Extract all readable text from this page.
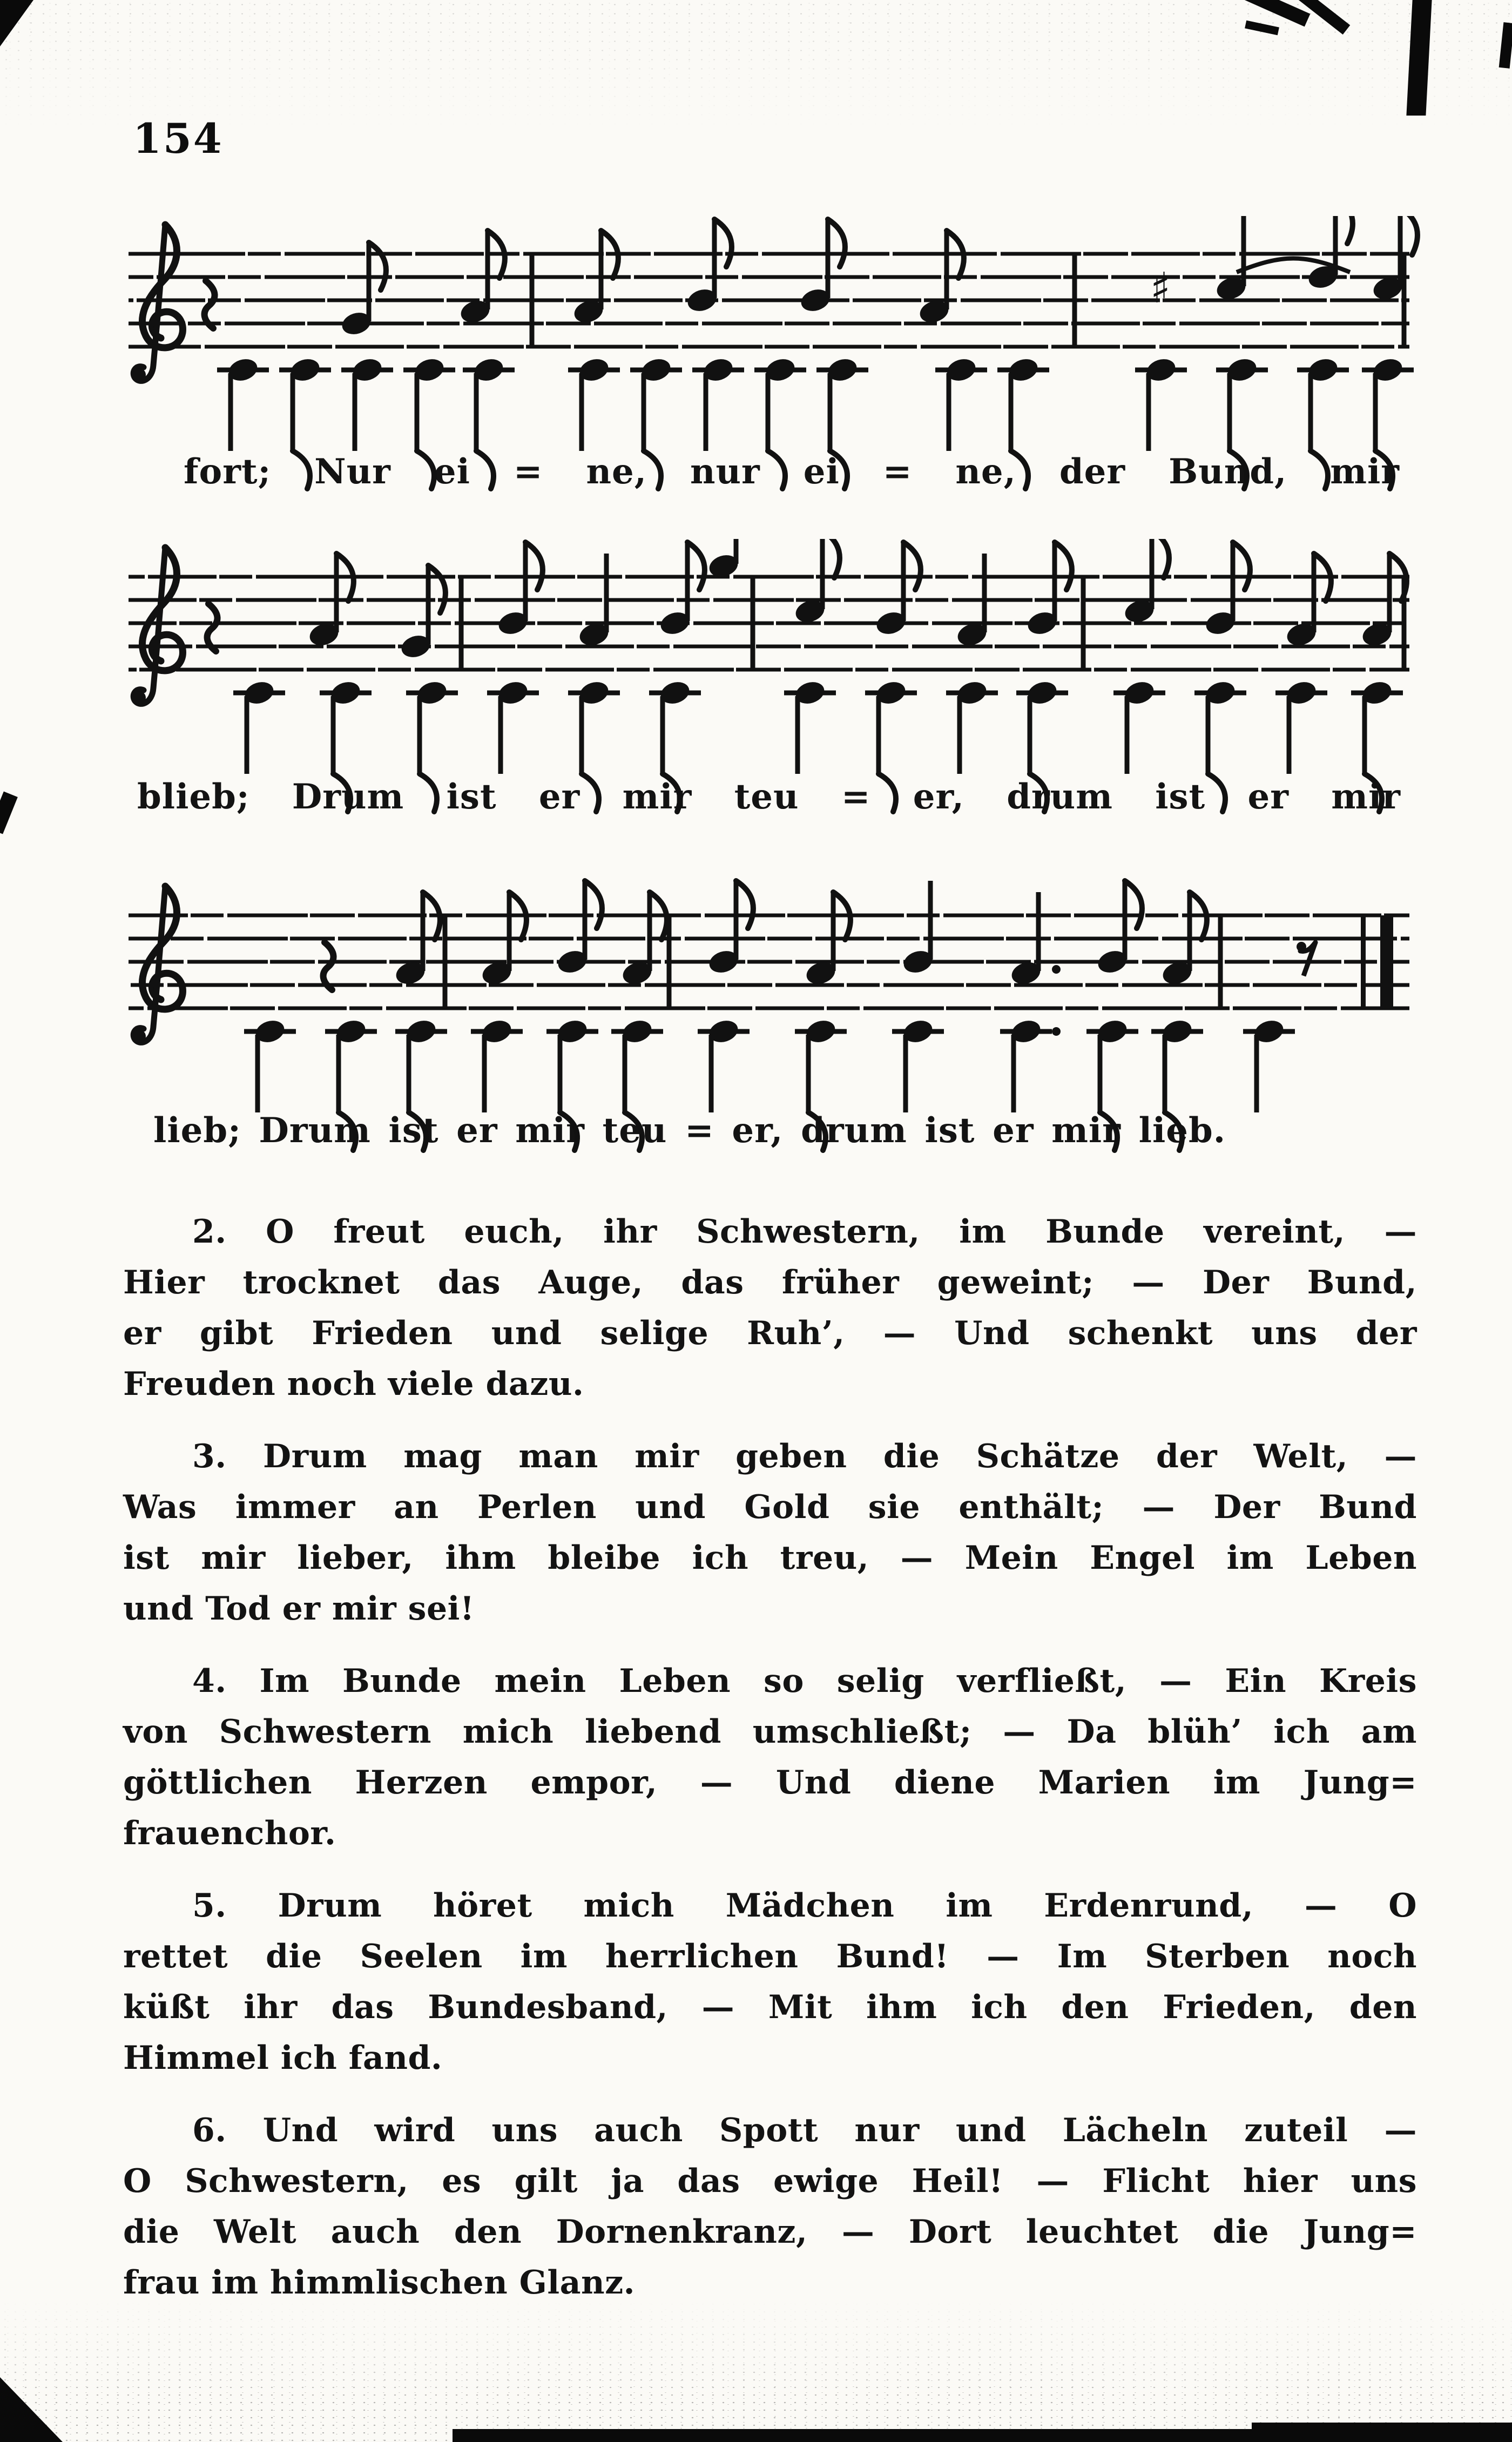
154
fort; Nur ei = ne, nur ei = ne, der Bund, mir
blieb; Drum ist er mir teu = er, drum ist er mir
lieb; Drum ist er mir teu = er, drum ist er mir lieb.
2. O freut euch, ihr Schwestern, im Bunde vereint, —
Hier trocknet das Auge, das früher geweint; — Der Bund,
er gibt Frieden und selige Ruh’, — Und schenkt uns der
Freuden noch viele dazu.
3. Drum mag man mir geben die Schätze der Welt, —
Was immer an Perlen und Gold sie enthält; — Der Bund
ist mir lieber, ihm bleibe ich treu, — Mein Engel im Leben
und Tod er mir sei!
4. Im Bunde mein Leben so selig verfließt, — Ein Kreis
von Schwestern mich liebend umschließt; — Da blüh’ ich am
göttlichen Herzen empor, — Und diene Marien im Jung=
frauenchor.
5. Drum höret mich Mädchen im Erdenrund, — O
rettet die Seelen im herrlichen Bund! — Im Sterben noch
küßt ihr das Bundesband, — Mit ihm ich den Frieden, den
Himmel ich fand.
6. Und wird uns auch Spott nur und Lächeln zuteil —
O Schwestern, es gilt ja das ewige Heil! — Flicht hier uns
die Welt auch den Dornenkranz, — Dort leuchtet die Jung=
frau im himmlischen Glanz.
♯
